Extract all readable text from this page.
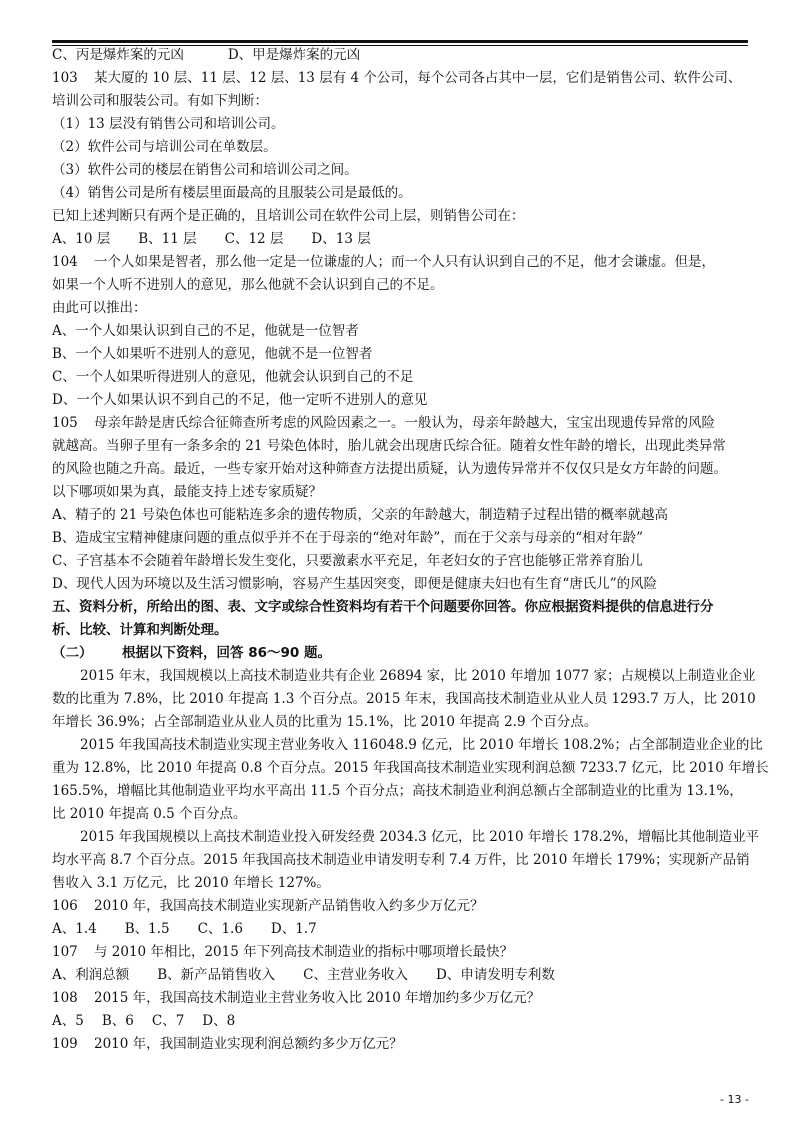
C、丙是爆炸案的元凶	D、甲是爆炸案的元凶
103 某大厦的 10 层、11 层、12 层、13 层有 4 个公司，每个公司各占其中一层，它们是销售公司、软件公司、
培训公司和服装公司。有如下判断：
（1）13 层没有销售公司和培训公司。
（2）软件公司与培训公司在单数层。
（3）软件公司的楼层在销售公司和培训公司之间。
（4）销售公司是所有楼层里面最高的且服装公司是最低的。
已知上述判断只有两个是正确的，且培训公司在软件公司上层，则销售公司在：
A、10 层 B、11 层 C、12 层 D、13 层
104 一个人如果是智者，那么他一定是一位谦虚的人；而一个人只有认识到自己的不足，他才会谦虚。但是，
如果一个人听不进别人的意见，那么他就不会认识到自己的不足。
由此可以推出：
A、一个人如果认识到自己的不足，他就是一位智者
B、一个人如果听不进别人的意见，他就不是一位智者
C、一个人如果听得进别人的意见，他就会认识到自己的不足
D、一个人如果认识不到自己的不足，他一定听不进别人的意见
105 母亲年龄是唐氏综合征筛查所考虑的风险因素之一。一般认为，母亲年龄越大，宝宝出现遗传异常的风险
就越高。当卵子里有一条多余的 21 号染色体时，胎儿就会出现唐氏综合征。随着女性年龄的增长，出现此类异常
的风险也随之升高。最近，一些专家开始对这种筛查方法提出质疑，认为遗传异常并不仅仅只是女方年龄的问题。
以下哪项如果为真，最能支持上述专家质疑？
A、精子的 21 号染色体也可能粘连多余的遗传物质，父亲的年龄越大，制造精子过程出错的概率就越高
B、造成宝宝精神健康问题的重点似乎并不在于母亲的“绝对年龄”，而在于父亲与母亲的“相对年龄”
C、子宫基本不会随着年龄增长发生变化，只要激素水平充足，年老妇女的子宫也能够正常养育胎儿
D、现代人因为环境以及生活习惯影响，容易产生基因突变，即便是健康夫妇也有生育“唐氏儿”的风险
五、资料分析，所给出的图、表、文字或综合性资料均有若干个问题要你回答。你应根据资料提供的信息进行分
析、比较、计算和判断处理。
（二） 根据以下资料，回答 86～90 题。
2015 年末，我国规模以上高技术制造业共有企业 26894 家，比 2010 年增加 1077 家；占规模以上制造业企业
数的比重为 7.8%，比 2010 年提高 1.3 个百分点。2015 年末，我国高技术制造业从业人员 1293.7 万人，比 2010
年增长 36.9%；占全部制造业从业人员的比重为 15.1%，比 2010 年提高 2.9 个百分点。
2015 年我国高技术制造业实现主营业务收入 116048.9 亿元，比 2010 年增长 108.2%；占全部制造业企业的比
重为 12.8%，比 2010 年提高 0.8 个百分点。2015 年我国高技术制造业实现利润总额 7233.7 亿元，比 2010 年增长
165.5%，增幅比其他制造业平均水平高出 11.5 个百分点；高技术制造业利润总额占全部制造业的比重为 13.1%，
比 2010 年提高 0.5 个百分点。
2015 年我国规模以上高技术制造业投入研发经费 2034.3 亿元，比 2010 年增长 178.2%，增幅比其他制造业平
均水平高 8.7 个百分点。2015 年我国高技术制造业申请发明专利 7.4 万件，比 2010 年增长 179%；实现新产品销
售收入 3.1 万亿元，比 2010 年增长 127%。
106 2010 年，我国高技术制造业实现新产品销售收入约多少万亿元？
A、1.4 B、1.5 C、1.6 D、1.7
107 与 2010 年相比，2015 年下列高技术制造业的指标中哪项增长最快？
A、利润总额 B、新产品销售收入 C、主营业务收入 D、申请发明专利数
108 2015 年，我国高技术制造业主营业务收入比 2010 年增加约多少万亿元？
A、5 B、6 C、7 D、8
109 2010 年，我国制造业实现利润总额约多少万亿元？
- 13 -
